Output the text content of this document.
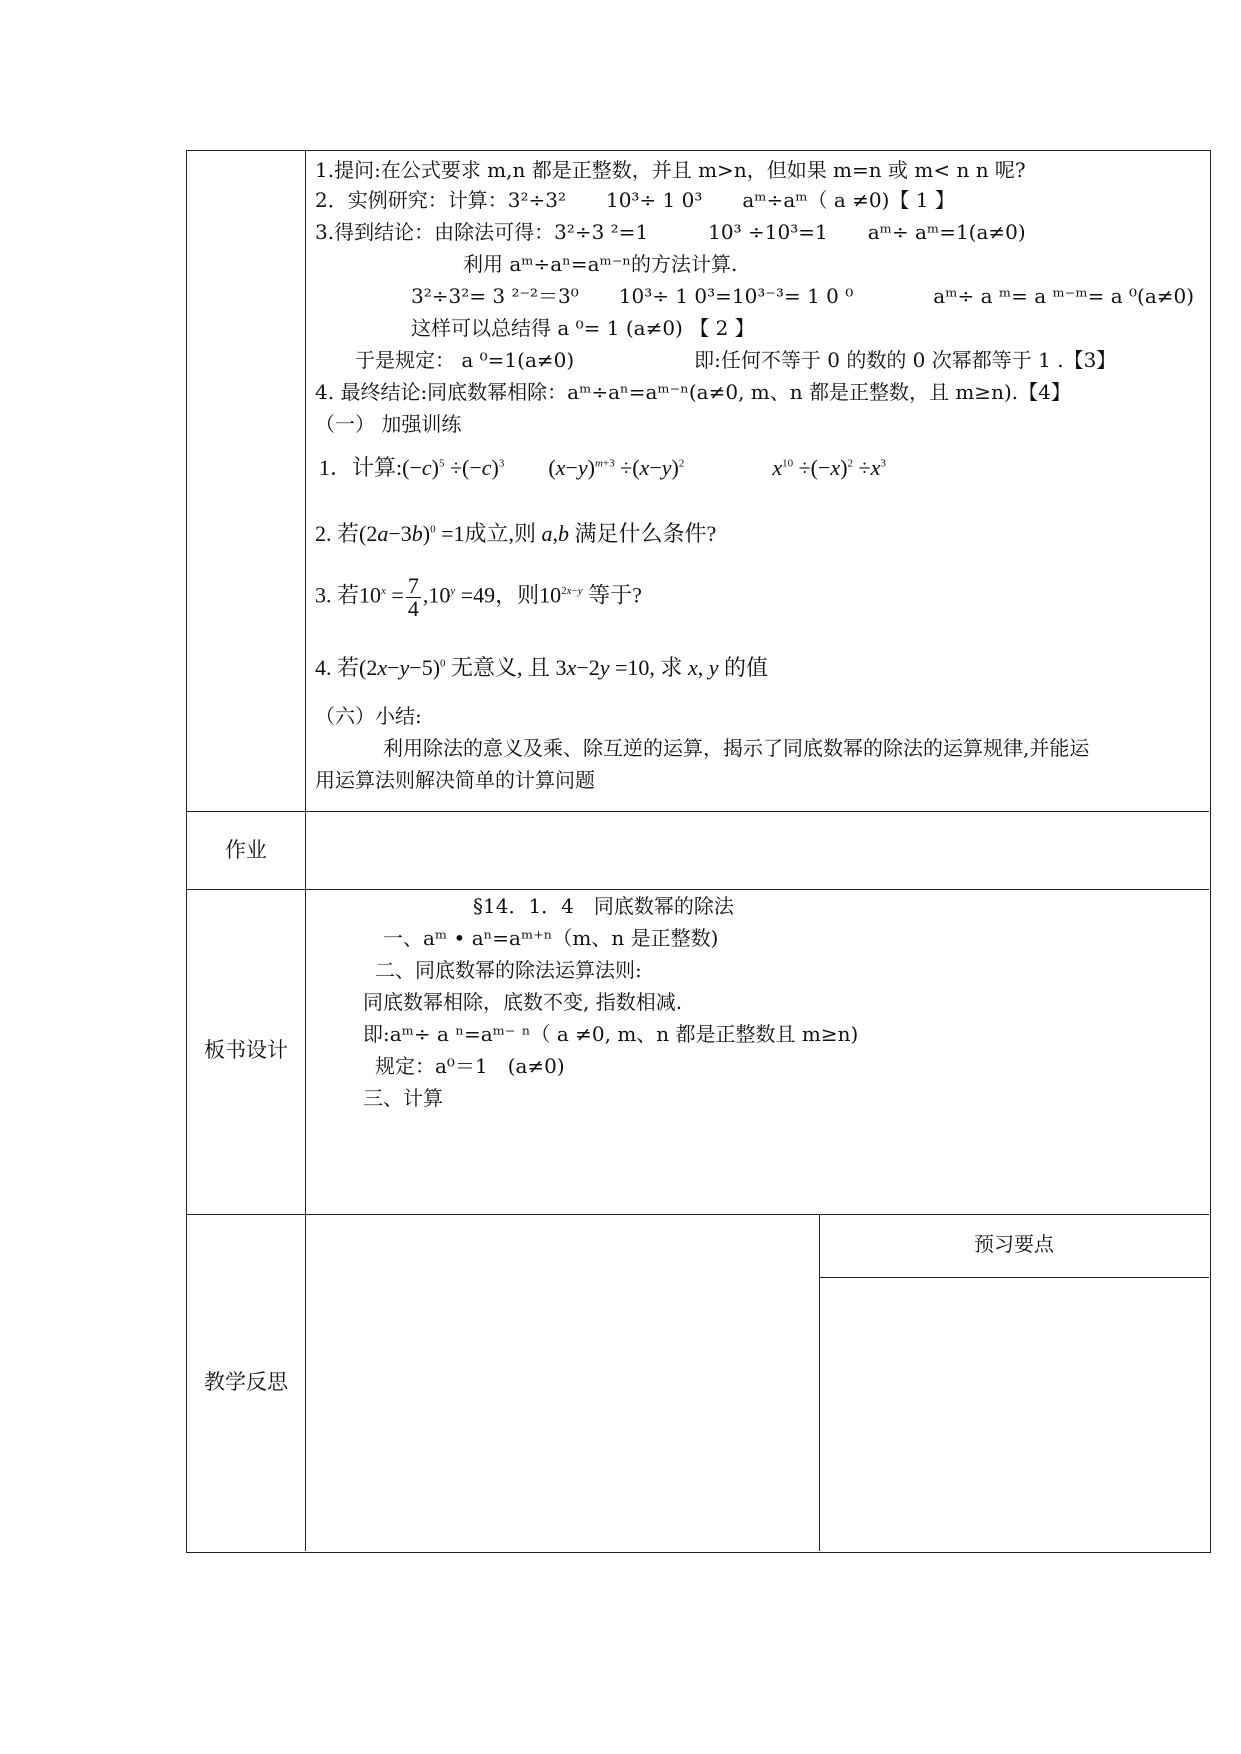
1.提问:在公式要求 m,n 都是正整数，并且 m>n，但如果 m=n 或 m< n n 呢?
2．实例研究：计算：3²÷3²　　10³÷ 1 0³　　aᵐ÷aᵐ（ a ≠0)【 1 】
3.得到结论：由除法可得：3²÷3 ²=1　　　10³ ÷10³=1　　aᵐ÷ aᵐ=1(a≠0)
利用 aᵐ÷aⁿ=aᵐ⁻ⁿ的方法计算.
3²÷3²= 3 ²⁻²＝3⁰　　10³÷ 1 0³=10³⁻³= 1 0 ⁰　　　　aᵐ÷ a ᵐ= a ᵐ⁻ᵐ= a ⁰(a≠0)
这样可以总结得 a ⁰= 1 (a≠0) 【 2 】
于是规定： a ⁰=1(a≠0)　　　　　　即:任何不等于 0 的数的 0 次幂都等于 1 .【3】
4. 最终结论:同底数幂相除：aᵐ÷aⁿ=aᵐ⁻ⁿ(a≠0, m、n 都是正整数，且 m≥n).【4】
（一） 加强训练
1．计算$:(-c)^5 \div(-c)^3$　　$(x-y)^{m+3} \div(x-y)^2$　　　　	$x^{10} \div(-x)^2 \div x^3$
2. 若$(2a-3b)^0 =1$成立,则 a,b 满足什么条件?
3. 若$10^x = \frac{7}{4} ,10^y =49$，则$10^{2x-y}$ 等于?
4. 若$(2x-y-5)^0$ 无意义, 且 3x−2y =10, 求 x, y 的值
（六）小结:
利用除法的意义及乘、除互逆的运算，揭示了同底数幂的除法的运算规律,并能运
用运算法则解决简单的计算问题
作业
板书设计
§14．1．4　同底数幂的除法
一、aᵐ • aⁿ=aᵐ⁺ⁿ（m、n 是正整数)
二、同底数幂的除法运算法则:
同底数幂相除，底数不变, 指数相减.
即:aᵐ÷ a ⁿ=aᵐ⁻ ⁿ（ a ≠0, m、n 都是正整数且 m≥n)
规定：a⁰＝1　(a≠0)
三、计算
教学反思
预习要点
